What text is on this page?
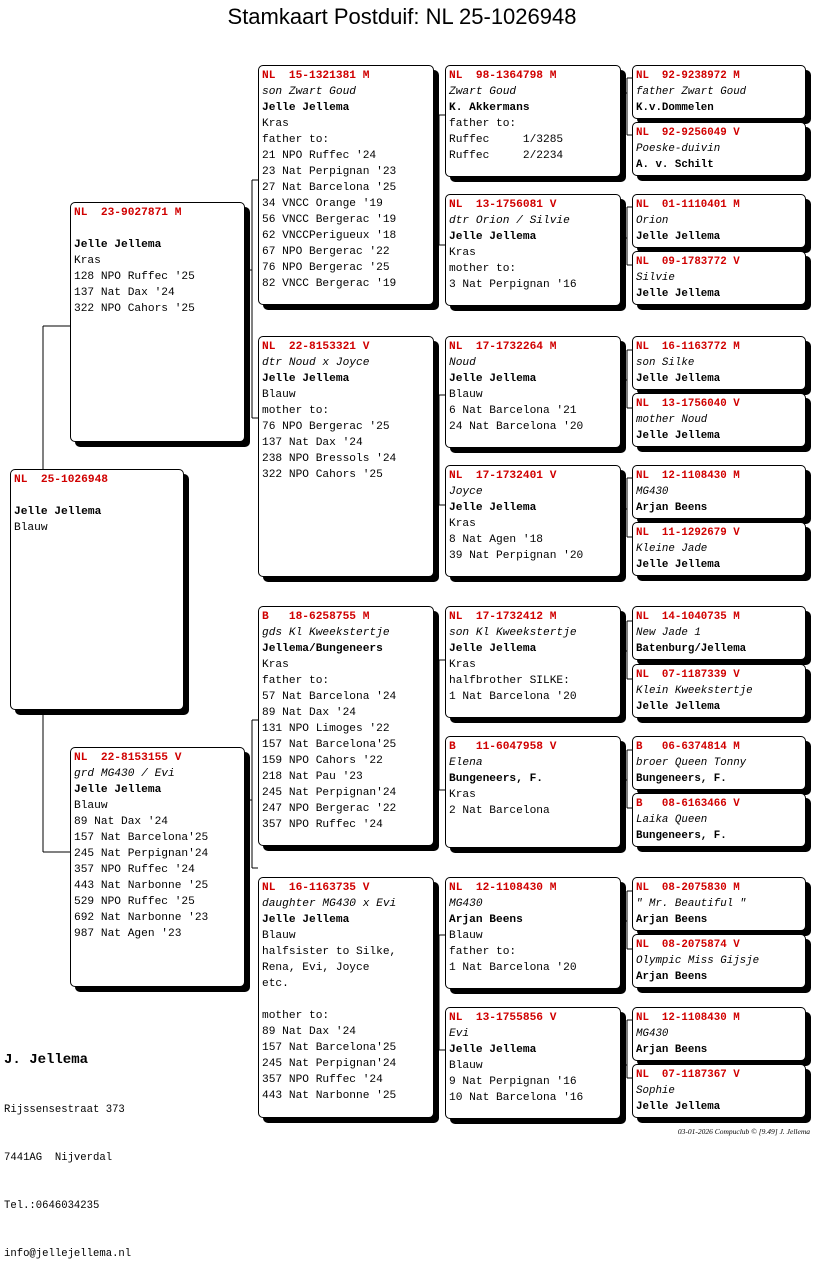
Stamkaart Postduif: NL 25-1026948
NL  25-1026948
Jelle Jellema
Blauw
NL  23-9027871 M
Jelle Jellema
Kras
128 NPO Ruffec '25
137 Nat Dax '24
322 NPO Cahors '25
NL  22-8153155 V
grd MG430 / Evi
Jelle Jellema
Blauw
89 Nat Dax '24
157 Nat Barcelona'25
245 Nat Perpignan'24
357 NPO Ruffec '24
443 Nat Narbonne '25
529 NPO Ruffec '25
692 Nat Narbonne '23
987 Nat Agen '23
NL  15-1321381 M
son Zwart Goud
Jelle Jellema
Kras
father to:
21 NPO Ruffec '24
23 Nat Perpignan '23
27 Nat Barcelona '25
34 VNCC Orange '19
56 VNCC Bergerac '19
62 VNCCPerigueux '18
67 NPO Bergerac '22
76 NPO Bergerac '25
82 VNCC Bergerac '19
NL  22-8153321 V
dtr Noud x Joyce
Jelle Jellema
Blauw
mother to:
76 NPO Bergerac '25
137 Nat Dax '24
238 NPO Bressols '24
322 NPO Cahors '25
B   18-6258755 M
gds Kl Kweekstertje
Jellema/Bungeneers
Kras
father to:
57 Nat Barcelona '24
89 Nat Dax '24
131 NPO Limoges '22
157 Nat Barcelona'25
159 NPO Cahors '22
218 Nat Pau '23
245 Nat Perpignan'24
247 NPO Bergerac '22
357 NPO Ruffec '24
NL  16-1163735 V
daughter MG430 x Evi
Jelle Jellema
Blauw
halfsister to Silke,
Rena, Evi, Joyce
etc.
mother to:
89 Nat Dax '24
157 Nat Barcelona'25
245 Nat Perpignan'24
357 NPO Ruffec '24
443 Nat Narbonne '25
NL  98-1364798 M
Zwart Goud
K. Akkermans
father to:
Ruffec     1/3285
Ruffec     2/2234
NL  13-1756081 V
dtr Orion / Silvie
Jelle Jellema
Kras
mother to:
3 Nat Perpignan '16
NL  17-1732264 M
Noud
Jelle Jellema
Blauw
6 Nat Barcelona '21
24 Nat Barcelona '20
NL  17-1732401 V
Joyce
Jelle Jellema
Kras
8 Nat Agen '18
39 Nat Perpignan '20
NL  17-1732412 M
son Kl Kweekstertje
Jelle Jellema
Kras
halfbrother SILKE:
1 Nat Barcelona '20
B   11-6047958 V
Elena
Bungeneers, F.
Kras
2 Nat Barcelona
NL  12-1108430 M
MG430
Arjan Beens
Blauw
father to:
1 Nat Barcelona '20
NL  13-1755856 V
Evi
Jelle Jellema
Blauw
9 Nat Perpignan '16
10 Nat Barcelona '16
NL  92-9238972 M
father Zwart Goud
K.v.Dommelen
NL  92-9256049 V
Poeske-duivin
A. v. Schilt
NL  01-1110401 M
Orion
Jelle Jellema
NL  09-1783772 V
Silvie
Jelle Jellema
NL  16-1163772 M
son Silke
Jelle Jellema
NL  13-1756040 V
mother Noud
Jelle Jellema
NL  12-1108430 M
MG430
Arjan Beens
NL  11-1292679 V
Kleine Jade
Jelle Jellema
NL  14-1040735 M
New Jade 1
Batenburg/Jellema
NL  07-1187339 V
Klein Kweekstertje
Jelle Jellema
B   06-6374814 M
broer Queen Tonny
Bungeneers, F.
B   08-6163466 V
Laika Queen
Bungeneers, F.
NL  08-2075830 M
" Mr. Beautiful "
Arjan Beens
NL  08-2075874 V
Olympic Miss Gijsje
Arjan Beens
NL  12-1108430 M
MG430
Arjan Beens
NL  07-1187367 V
Sophie
Jelle Jellema

J. Jellema

Rijssensestraat 373

7441AG  Nijverdal

Tel.:0646034235

info@jellejellema.nl

03-01-2026 Compuclub © [9.49] J. Jellema
